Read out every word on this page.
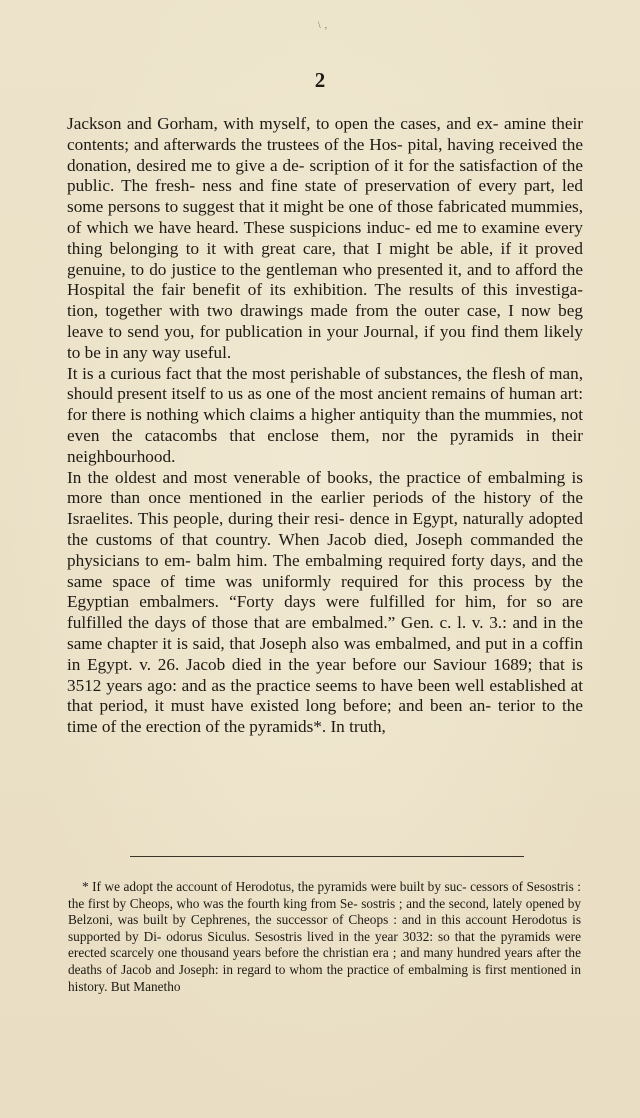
\ ,
2

Jackson and Gorham, with myself, to open the cases, and ex- amine their contents; and afterwards the trustees of the Hos- pital, having received the donation, desired me to give a de- scription of it for the satisfaction of the public. The fresh- ness and fine state of preservation of every part, led some persons to suggest that it might be one of those fabricated mummies, of which we have heard. These suspicions induc- ed me to examine every thing belonging to it with great care, that I might be able, if it proved genuine, to do justice to the gentleman who presented it, and to afford the Hospital the fair benefit of its exhibition. The results of this investiga- tion, together with two drawings made from the outer case, I now beg leave to send you, for publication in your Journal, if you find them likely to be in any way useful.

It is a curious fact that the most perishable of substances, the flesh of man, should present itself to us as one of the most ancient remains of human art: for there is nothing which claims a higher antiquity than the mummies, not even the catacombs that enclose them, nor the pyramids in their neighbourhood.

In the oldest and most venerable of books, the practice of embalming is more than once mentioned in the earlier periods of the history of the Israelites. This people, during their resi- dence in Egypt, naturally adopted the customs of that country. When Jacob died, Joseph commanded the physicians to em- balm him. The embalming required forty days, and the same space of time was uniformly required for this process by the Egyptian embalmers. “Forty days were fulfilled for him, for so are fulfilled the days of those that are embalmed.” Gen. c. l. v. 3.: and in the same chapter it is said, that Joseph also was embalmed, and put in a coffin in Egypt. v. 26. Jacob died in the year before our Saviour 1689; that is 3512 years ago: and as the practice seems to have been well established at that period, it must have existed long before; and been an- terior to the time of the erection of the pyramids*. In truth,

* If we adopt the account of Herodotus, the pyramids were built by suc- cessors of Sesostris : the first by Cheops, who was the fourth king from Se- sostris ; and the second, lately opened by Belzoni, was built by Cephrenes, the successor of Cheops : and in this account Herodotus is supported by Di- odorus Siculus. Sesostris lived in the year 3032: so that the pyramids were erected scarcely one thousand years before the christian era ; and many hundred years after the deaths of Jacob and Joseph: in regard to whom the practice of embalming is first mentioned in history. But Manetho
